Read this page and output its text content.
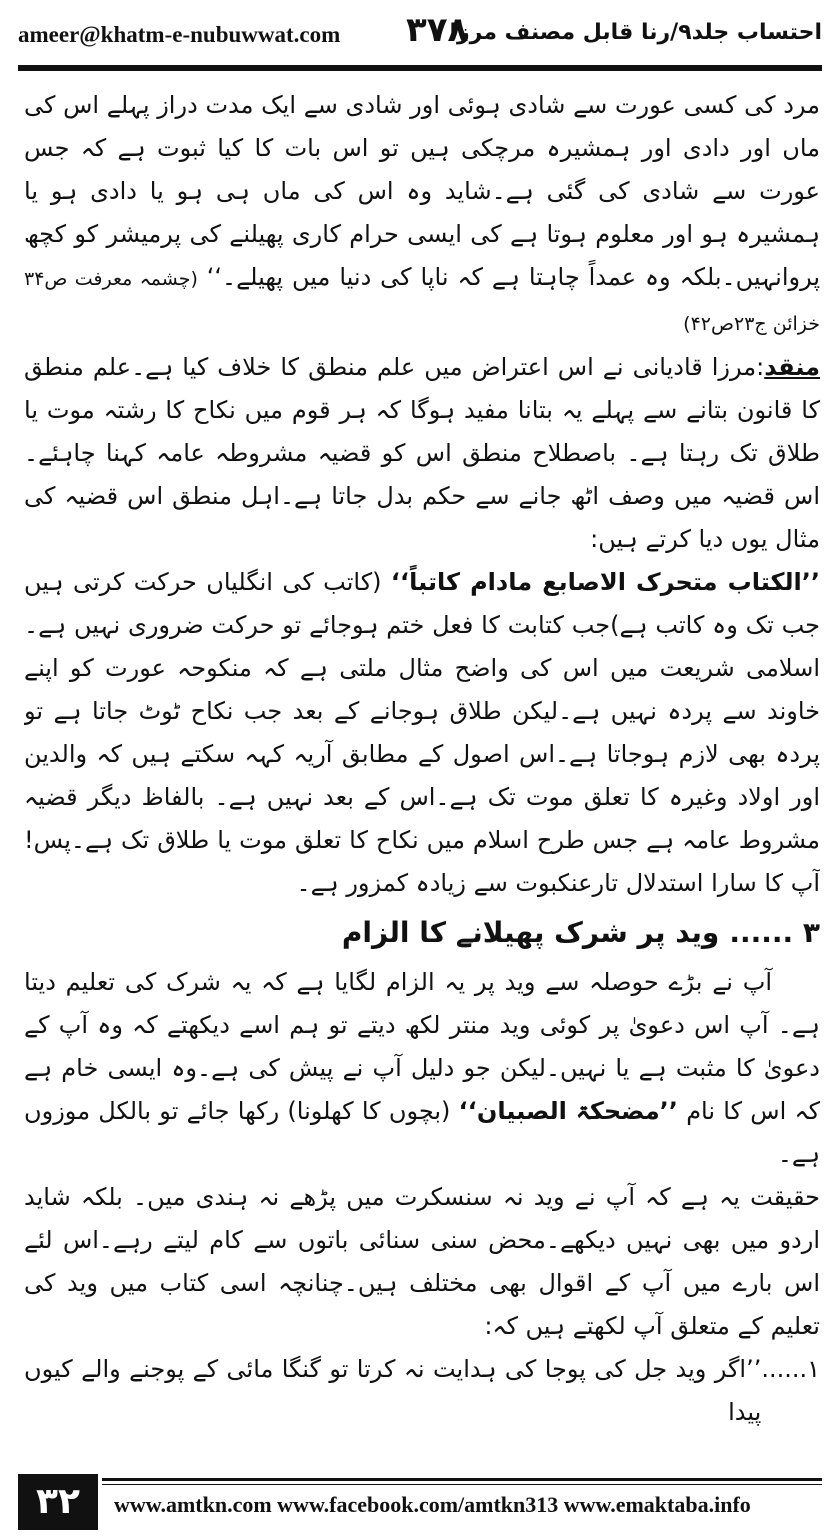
ameer@khatm-e-nubuwwat.com ۳۷۸
احتساب جلد۹/رنا قابل مصنف مرزا

مرد کی کسی عورت سے شادی ہوئی اور شادی سے ایک مدت دراز پہلے اس کی ماں اور دادی اور ہمشیرہ مرچکی ہیں تو اس بات کا کیا ثبوت ہے کہ جس عورت سے شادی کی گئی ہے۔شاید وہ اس کی ماں ہی ہو یا دادی ہو یا ہمشیرہ ہو اور معلوم ہوتا ہے کی ایسی حرام کاری پھیلنے کی پرمیشر کو کچھ پروانہیں۔بلکہ وہ عمداً چاہتا ہے کہ ناپا کی دنیا میں پھیلے۔‘‘ (چشمہ معرفت ص۳۴ خزائن ج۲۳ص۴۲)

منقد:مرزا قادیانی نے اس اعتراض میں علم منطق کا خلاف کیا ہے۔علم منطق کا قانون بتانے سے پہلے یہ بتانا مفید ہوگا کہ ہر قوم میں نکاح کا رشتہ موت یا طلاق تک رہتا ہے۔ باصطلاح منطق اس کو قضیہ مشروطہ عامہ کہنا چاہئے۔اس قضیہ میں وصف اٹھ جانے سے حکم بدل جاتا ہے۔اہل منطق اس قضیہ کی مثال یوں دیا کرتے ہیں:

’’الکتاب متحرک الاصابع مادام کاتباً‘‘ (کاتب کی انگلیاں حرکت کرتی ہیں جب تک وہ کاتب ہے)جب کتابت کا فعل ختم ہوجائے تو حرکت ضروری نہیں ہے۔اسلامی شریعت میں اس کی واضح مثال ملتی ہے کہ منکوحہ عورت کو اپنے خاوند سے پردہ نہیں ہے۔لیکن طلاق ہوجانے کے بعد جب نکاح ٹوٹ جاتا ہے تو پردہ بھی لازم ہوجاتا ہے۔اس اصول کے مطابق آریہ کہہ سکتے ہیں کہ والدین اور اولاد وغیرہ کا تعلق موت تک ہے۔اس کے بعد نہیں ہے۔ بالفاظ دیگر قضیہ مشروط عامہ ہے جس طرح اسلام میں نکاح کا تعلق موت یا طلاق تک ہے۔پس! آپ کا سارا استدلال تارعنکبوت سے زیادہ کمزور ہے۔

۳ ......وید پر شرک پھیلانے کا الزام

آپ نے بڑے حوصلہ سے وید پر یہ الزام لگایا ہے کہ یہ شرک کی تعلیم دیتا ہے۔ آپ اس دعویٰ پر کوئی وید منتر لکھ دیتے تو ہم اسے دیکھتے کہ وہ آپ کے دعویٰ کا مثبت ہے یا نہیں۔لیکن جو دلیل آپ نے پیش کی ہے۔وہ ایسی خام ہے کہ اس کا نام ’’مضحکۃ الصبیان‘‘ (بچوں کا کھلونا) رکھا جائے تو بالکل موزوں ہے۔

حقیقت یہ ہے کہ آپ نے وید نہ سنسکرت میں پڑھے نہ ہندی میں۔ بلکہ شاید اردو میں بھی نہیں دیکھے۔محض سنی سنائی باتوں سے کام لیتے رہے۔اس لئے اس بارے میں آپ کے اقوال بھی مختلف ہیں۔چنانچہ اسی کتاب میں وید کی تعلیم کے متعلق آپ لکھتے ہیں کہ:

۱......
’’اگر وید جل کی پوجا کی ہدایت نہ کرتا تو گنگا مائی کے پوجنے والے کیوں پیدا

۳۲	www.amtkn.com www.facebook.com/amtkn313 www.emaktaba.info
